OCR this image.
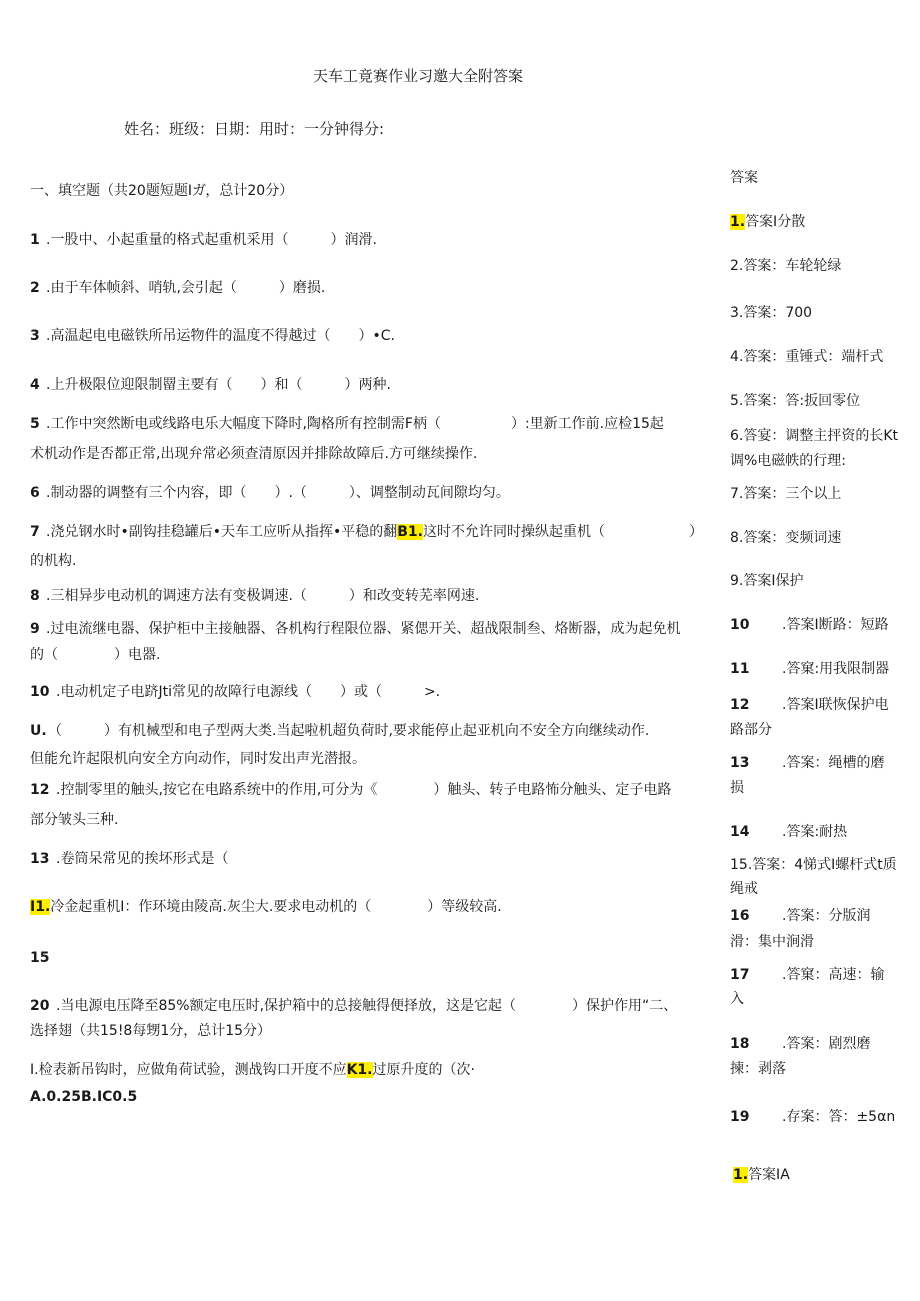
天车工竟赛作业习邀大全附答案
姓名：班级：日期：用时：一分钟得分:
一、填空题（共20题短题Iガ，总计20分）
1 .一股中、小起重量的格式起重机采用（　　　）润滑.
2 .由于车体帧斜、哨轨,会引起（　　　）磨损.
3 .高温起电电磁铁所吊运物件的温度不得越过（　　）•C.
4 .上升极限位迎限制罶主要有（　　）和（　　　）两种.
5 .工作中突然断电或线路电乐大幅度下降时,陶格所有控制需F柄（　　　　　）:里新工作前.应检15起
术机动作是否都正常,出现弁常必须查清原因并排除故障后.方可继续操作.
6 .制动器的调整有三个内容，即（　　）.（　　　）、调整制动瓦间隙均匀。
7 .浇兑钢水时•副钩挂稳罐后•天车工应听从指挥•平稳的翻B1.这时不允许同时操纵起重机（　　　　　　）
的机构.
8 .三相异步电动机的调速方法有变极调速.（　　　）和改变转芜率网速.
9 .过电流继电器、保护柜中主接触器、各机构行程限位器、紧偲开关、超战限制叁、烙断器，成为起免机
的（　　　　）电器.
10 .电动机定子电跻Jti常见的故障行电源线（　　）或（　　　>.
U.（　　　）有机械型和电子型两大类.当起啦机超负荷时,要求能停止起亚机向不安全方向继续动作.
但能允许起限机向安全方向动作，同时发出声光潜报。
12 .控制零里的触头,按它在电路系统中的作用,可分为《　　　　）触头、转子电路怖分触头、定子电路
部分皱头三种.
13 .卷筒呆常见的挨坏形式是（
I1.冷金起重机I：作环境由陵高.灰尘大.要求电动机的（　　　　）等级较高.
15
20 .当电源电压降至85%额定电压时,保护箱中的总接触得便择放，这是它起（　　　　）保护作用“二、
选择翅（共15!8每甥1分，总计15分）
I.检表新吊钩时，应做角荷试验，测战钩口开度不应K1.过原升度的（次·
A.0.25B.IC0.5
答案
1.答案I分散
2.答案：车轮轮绿
3.答案：700
4.答案：重锤式：端杆式
5.答案：答:扳回零位
6.答宴：调整主抨资的长Kt
调%电磁帙的行理:
7.答案：三个以上
8.答案：变频词速
9.答案I保护
10 .答案I断路：短路
11 .答窠:用我限制器
12 .答案I联恢保护电
路部分
13 .答案：绳槽的磨
损
14 .答案:耐热
15.答案：4悌式I螺杆式t质
绳戒
16 .答案：分版润
滑：集中涧滑
17 .答窠：高速：输
入
18 .答案：剧烈磨
揀：剥落
19 .存案：答：±5αn
1.答案IA
